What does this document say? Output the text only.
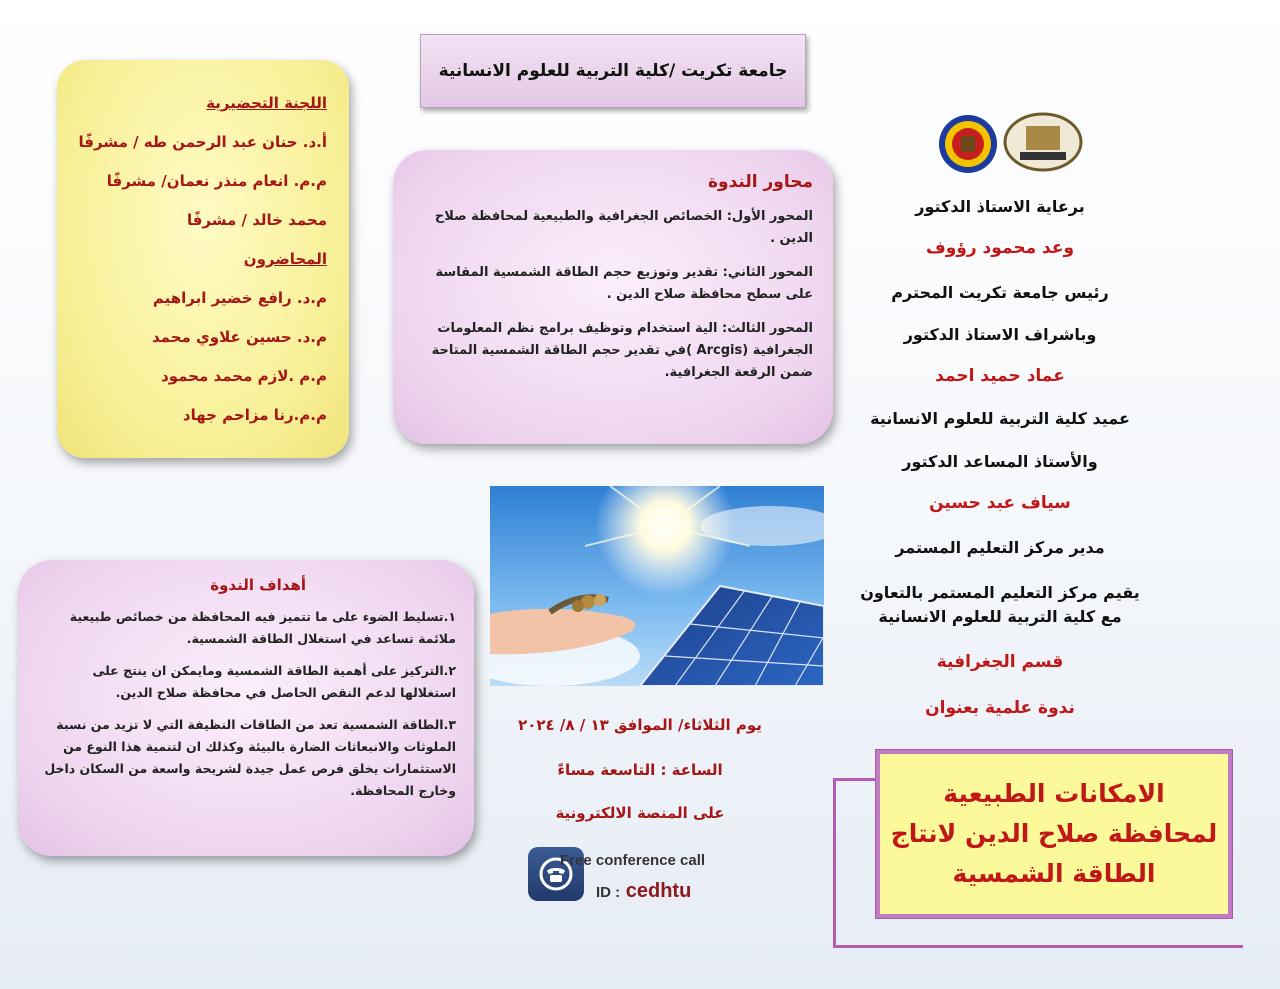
جامعة تكريت /كلية التربية للعلوم الانسانية
اللجنة التحضيرية
أ.د. حنان عبد الرحمن طه / مشرفًا
م.م. انعام منذر نعمان/ مشرفًا
محمد خالد / مشرفًا
المحاضرون
م.د. رافع خضير ابراهيم
م.د. حسين علاوي محمد
م.م .لازم محمد محمود
م.م.رنا مزاحم جهاد
محاور الندوة

المحور الأول: الخصائص الجغرافية والطبيعية لمحافظة صلاح الدين .

المحور الثاني: تقدير وتوزيع حجم الطاقة الشمسية المقاسة على سطح محافظة صلاح الدين .

المحور الثالث: الية استخدام وتوظيف برامج نظم المعلومات الجغرافية (Arcgis )في تقدير حجم الطاقة الشمسية المتاحة ضمن الرقعة الجغرافية.

أهداف الندوة

١.تسليط الضوء على ما تتميز فيه المحافظة من خصائص طبيعية ملائمة تساعد في استغلال الطاقة الشمسية.

٢.التركيز على أهمية الطاقة الشمسية ومايمكن ان ينتج على استغلالها لدعم النقص الحاصل في محافظة صلاح الدين.

٣.الطاقة الشمسية تعد من الطاقات النظيفة التي لا تزيد من نسبة الملوثات والانبعاثات الضارة بالبيئة وكذلك ان لتنمية هذا النوع من الاستثمارات يخلق فرص عمل جيدة لشريحة واسعة من السكان داخل وخارج المحافظة.

يوم الثلاثاء/ الموافق ١٣ / ٨/ ٢٠٢٤
الساعة : التاسعة مساءً
على المنصة الالكترونية
Free conference call
ID : cedhtu
برعاية الاستاذ الدكتور
وعد محمود رؤوف
رئيس جامعة تكريت المحترم
وباشراف الاستاذ الدكتور
عماد حميد احمد
عميد كلية التربية للعلوم الانسانية
والأستاذ المساعد الدكتور
سياف عبد حسين
مدير مركز التعليم المستمر
يقيم مركز التعليم المستمر بالتعاون مع كلية التربية للعلوم الانسانية
قسم الجغرافية
ندوة علمية بعنوان
الامكانات الطبيعية لمحافظة صلاح الدين لانتاج الطاقة الشمسية
